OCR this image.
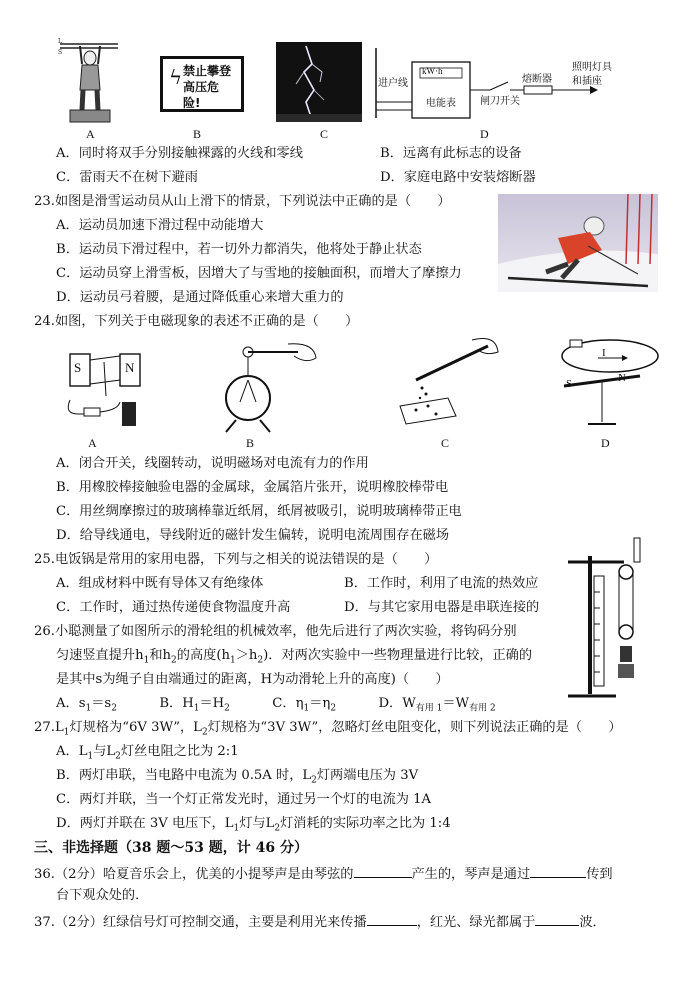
L
S
A
ϟ 禁止攀登
高压危险!
B	C
进户线
kW·h
电能表 闸刀开关
熔断器
照明灯具
和插座
D
A．同时将双手分别接触裸露的火线和零线	B．远离有此标志的设备
C．雷雨天不在树下避雨	D．家庭电路中安装熔断器
23.如图是滑雪运动员从山上滑下的情景，下列说法中正确的是（　　）
A．运动员加速下滑过程中动能增大
B．运动员下滑过程中，若一切外力都消失，他将处于静止状态
C．运动员穿上滑雪板，因增大了与雪地的接触面积，而增大了摩擦力
D．运动员弓着腰，是通过降低重心来增大重力的
24.如图，下列关于电磁现象的表述不正确的是（　　）
S	N
A	B	C
I
S	N
D
A．闭合开关，线圈转动，说明磁场对电流有力的作用
B．用橡胶棒接触验电器的金属球，金属箔片张开，说明橡胶棒带电
C．用丝绸摩擦过的玻璃棒靠近纸屑，纸屑被吸引，说明玻璃棒带正电
D．给导线通电，导线附近的磁针发生偏转，说明电流周围存在磁场
25.电饭锅是常用的家用电器，下列与之相关的说法错误的是（　　）
A．组成材料中既有导体又有绝缘体	B．工作时，利用了电流的热效应
C．工作时，通过热传递使食物温度升高	D．与其它家用电器是串联连接的
26.小聪测量了如图所示的滑轮组的机械效率，他先后进行了两次实验，将钩码分别
匀速竖直提升$h_1$和$h_2$的高度$(h_1>h_2)$．对两次实验中一些物理量进行比较，正确的
是其中s为绳子自由端通过的距离，H为动滑轮上升的高度)（　　）
A．$s_1=s_2$	B．$H_1=H_2$	C．$\eta_1=\eta_2$	D．$W_{有用 1}=W_{有用 2}$
$27.L_1$灯规格为“6V 3W”，$L_2$灯规格为“3V 3W”，忽略灯丝电阻变化，则下列说法正确的是（　　）
A．$L_1$与$L_2$灯丝电阻之比为 2:1
B．两灯串联，当电路中电流为 0.5A 时，$L_2$灯两端电压为 3V
C．两灯并联，当一个灯正常发光时，通过另一个灯的电流为 1A
D．两灯并联在 3V 电压下，$L_1$灯与$L_2$灯消耗的实际功率之比为 1:4
三、非选择题（38 题～53 题，计 46 分）
36.（2分）哈夏音乐会上，优美的小提琴声是由琴弦的	产生的，琴声是通过	传到
台下观众处的．
37.（2分）红绿信号灯可控制交通，主要是利用光来传播	，红光、绿光都属于	波．
